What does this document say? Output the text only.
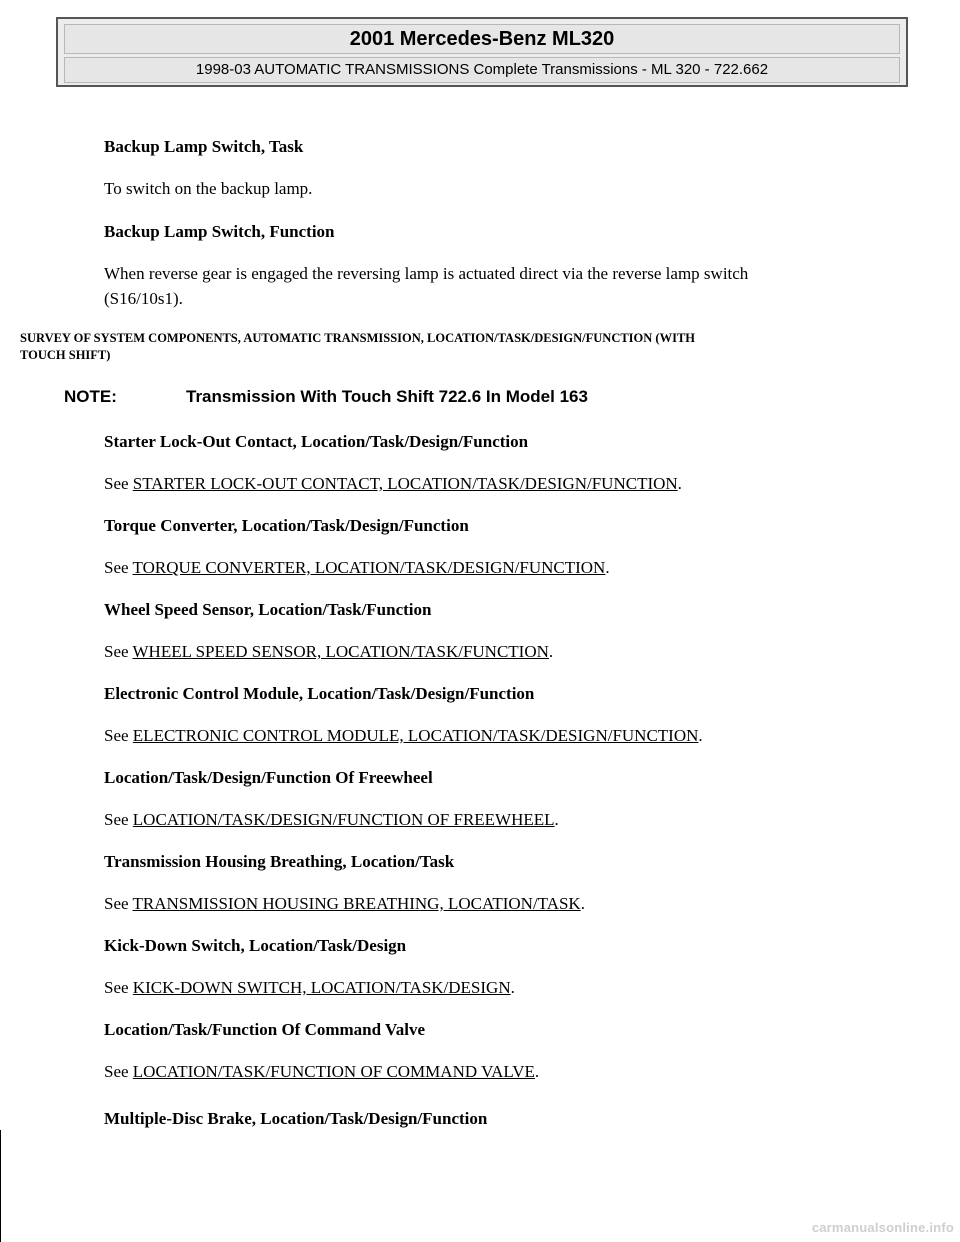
2001 Mercedes-Benz ML320
1998-03 AUTOMATIC TRANSMISSIONS Complete Transmissions - ML 320 - 722.662
Backup Lamp Switch, Task
To switch on the backup lamp.
Backup Lamp Switch, Function
When reverse gear is engaged the reversing lamp is actuated direct via the reverse lamp switch
(S16/10s1).
SURVEY OF SYSTEM COMPONENTS, AUTOMATIC TRANSMISSION, LOCATION/TASK/DESIGN/FUNCTION (WITH
TOUCH SHIFT)
NOTE:	Transmission With Touch Shift 722.6 In Model 163
Starter Lock-Out Contact, Location/Task/Design/Function
See STARTER LOCK-OUT CONTACT, LOCATION/TASK/DESIGN/FUNCTION.
Torque Converter, Location/Task/Design/Function
See TORQUE CONVERTER, LOCATION/TASK/DESIGN/FUNCTION.
Wheel Speed Sensor, Location/Task/Function
See WHEEL SPEED SENSOR, LOCATION/TASK/FUNCTION.
Electronic Control Module, Location/Task/Design/Function
See ELECTRONIC CONTROL MODULE, LOCATION/TASK/DESIGN/FUNCTION.
Location/Task/Design/Function Of Freewheel
See LOCATION/TASK/DESIGN/FUNCTION OF FREEWHEEL.
Transmission Housing Breathing, Location/Task
See TRANSMISSION HOUSING BREATHING, LOCATION/TASK.
Kick-Down Switch, Location/Task/Design
See KICK-DOWN SWITCH, LOCATION/TASK/DESIGN.
Location/Task/Function Of Command Valve
See LOCATION/TASK/FUNCTION OF COMMAND VALVE.
Multiple-Disc Brake, Location/Task/Design/Function
carmanualsonline.info
